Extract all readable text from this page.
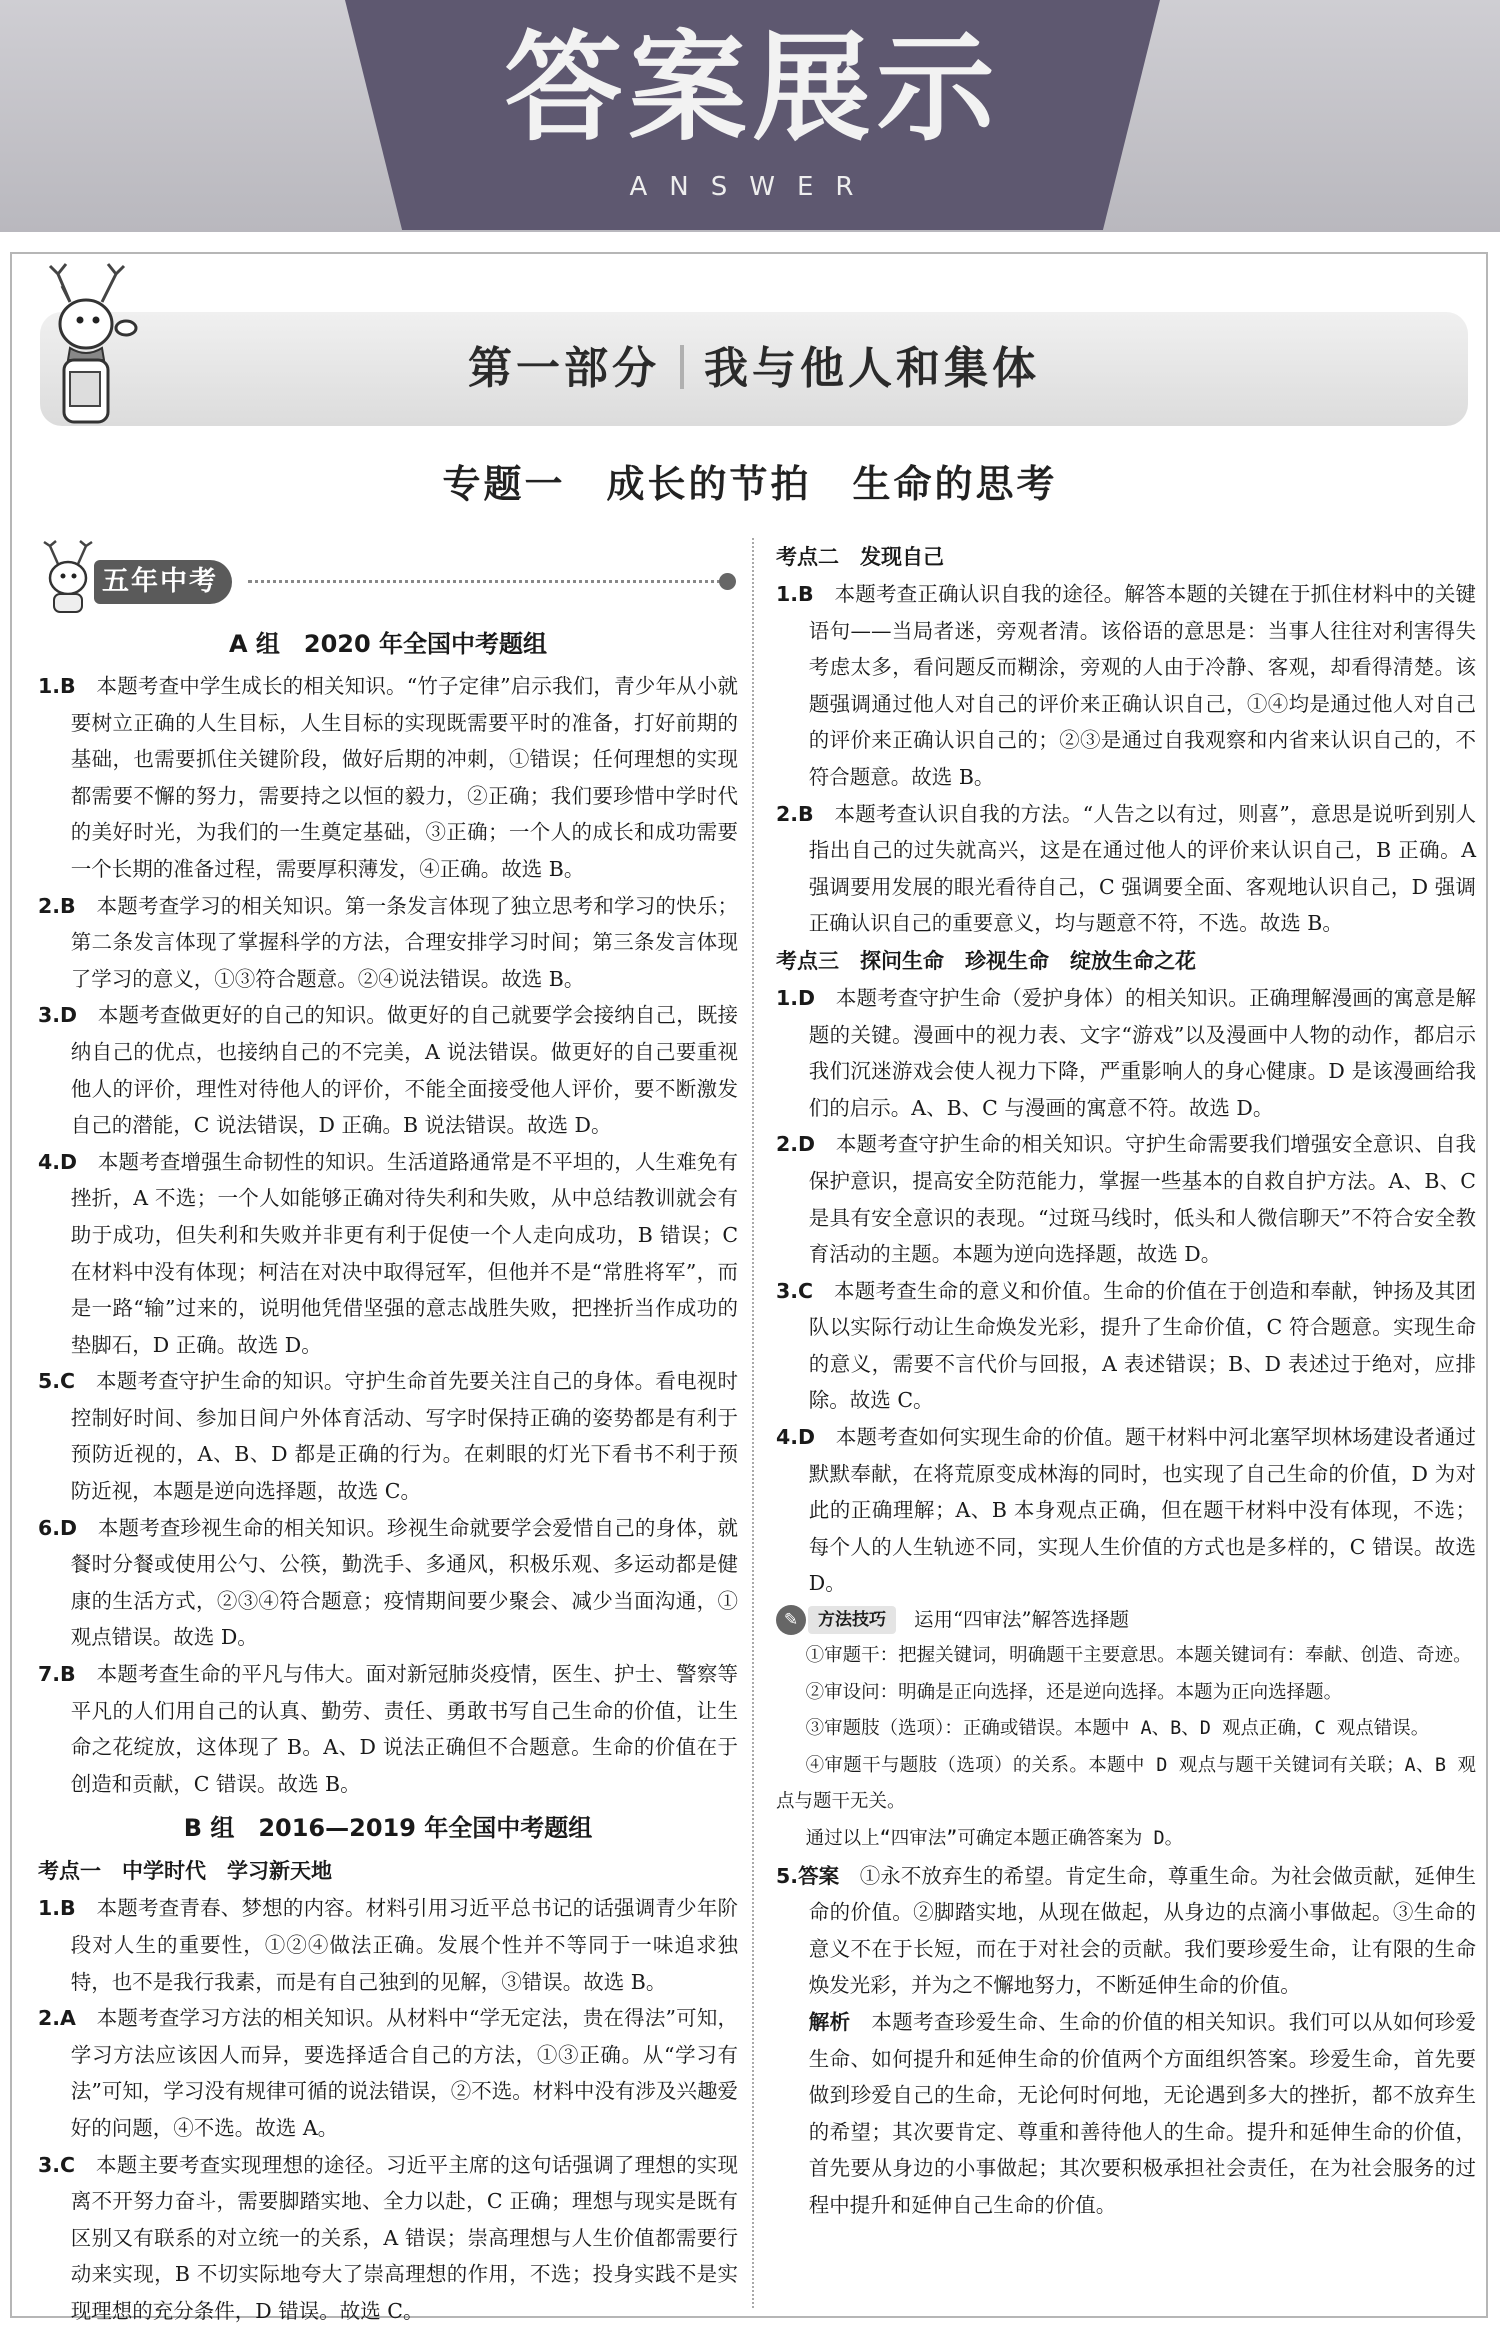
答案展示
ANSWER
第一部分 我与他人和集体
专题一　成长的节拍　生命的思考
五年中考

A 组　2020 年全国中考题组

1.B　 本题考查中学生成长的相关知识。“竹子定律”启示我们，青少年从小就要树立正确的人生目标，人生目标的实现既需要平时的准备，打好前期的基础，也需要抓住关键阶段，做好后期的冲刺，①错误；任何理想的实现都需要不懈的努力，需要持之以恒的毅力，②正确；我们要珍惜中学时代的美好时光，为我们的一生奠定基础，③正确；一个人的成长和成功需要一个长期的准备过程，需要厚积薄发，④正确。故选 B。

2.B　 本题考查学习的相关知识。第一条发言体现了独立思考和学习的快乐；第二条发言体现了掌握科学的方法，合理安排学习时间；第三条发言体现了学习的意义，①③符合题意。②④说法错误。故选 B。

3.D　 本题考查做更好的自己的知识。做更好的自己就要学会接纳自己，既接纳自己的优点，也接纳自己的不完美，A 说法错误。做更好的自己要重视他人的评价，理性对待他人的评价，不能全面接受他人评价，要不断激发自己的潜能，C 说法错误，D 正确。B 说法错误。故选 D。

4.D　 本题考查增强生命韧性的知识。生活道路通常是不平坦的，人生难免有挫折，A 不选；一个人如能够正确对待失利和失败，从中总结教训就会有助于成功，但失利和失败并非更有利于促使一个人走向成功，B 错误；C 在材料中没有体现；柯洁在对决中取得冠军，但他并不是“常胜将军”，而是一路“输”过来的，说明他凭借坚强的意志战胜失败，把挫折当作成功的垫脚石，D 正确。故选 D。

5.C　 本题考查守护生命的知识。守护生命首先要关注自己的身体。看电视时控制好时间、参加日间户外体育活动、写字时保持正确的姿势都是有利于预防近视的，A、B、D 都是正确的行为。在刺眼的灯光下看书不利于预防近视，本题是逆向选择题，故选 C。

6.D　 本题考查珍视生命的相关知识。珍视生命就要学会爱惜自己的身体，就餐时分餐或使用公勺、公筷，勤洗手、多通风，积极乐观、多运动都是健康的生活方式，②③④符合题意；疫情期间要少聚会、减少当面沟通，①观点错误。故选 D。

7.B　 本题考查生命的平凡与伟大。面对新冠肺炎疫情，医生、护士、警察等平凡的人们用自己的认真、勤劳、责任、勇敢书写自己生命的价值，让生命之花绽放，这体现了 B。A、D 说法正确但不合题意。生命的价值在于创造和贡献，C 错误。故选 B。

B 组　2016—2019 年全国中考题组

考点一　中学时代　学习新天地

1.B　 本题考查青春、梦想的内容。材料引用习近平总书记的话强调青少年阶段对人生的重要性，①②④做法正确。发展个性并不等同于一味追求独特，也不是我行我素，而是有自己独到的见解，③错误。故选 B。

2.A　 本题考查学习方法的相关知识。从材料中“学无定法，贵在得法”可知，学习方法应该因人而异，要选择适合自己的方法，①③正确。从“学习有法”可知，学习没有规律可循的说法错误，②不选。材料中没有涉及兴趣爱好的问题，④不选。故选 A。

3.C　 本题主要考查实现理想的途径。习近平主席的这句话强调了理想的实现离不开努力奋斗，需要脚踏实地、全力以赴，C 正确；理想与现实是既有区别又有联系的对立统一的关系，A 错误；崇高理想与人生价值都需要行动来实现，B 不切实际地夸大了崇高理想的作用，不选；投身实践不是实现理想的充分条件，D 错误。故选 C。

考点二　发现自己

1.B　 本题考查正确认识自我的途径。解答本题的关键在于抓住材料中的关键语句——当局者迷，旁观者清。该俗语的意思是：当事人往往对利害得失考虑太多，看问题反而糊涂，旁观的人由于冷静、客观，却看得清楚。该题强调通过他人对自己的评价来正确认识自己，①④均是通过他人对自己的评价来正确认识自己的；②③是通过自我观察和内省来认识自己的，不符合题意。故选 B。

2.B　 本题考查认识自我的方法。“人告之以有过，则喜”，意思是说听到别人指出自己的过失就高兴，这是在通过他人的评价来认识自己，B 正确。A 强调要用发展的眼光看待自己，C 强调要全面、客观地认识自己，D 强调正确认识自己的重要意义，均与题意不符，不选。故选 B。

考点三　探问生命　珍视生命　绽放生命之花

1.D　 本题考查守护生命（爱护身体）的相关知识。正确理解漫画的寓意是解题的关键。漫画中的视力表、文字“游戏”以及漫画中人物的动作，都启示我们沉迷游戏会使人视力下降，严重影响人的身心健康。D 是该漫画给我们的启示。A、B、C 与漫画的寓意不符。故选 D。

2.D　 本题考查守护生命的相关知识。守护生命需要我们增强安全意识、自我保护意识，提高安全防范能力，掌握一些基本的自救自护方法。A、B、C 是具有安全意识的表现。“过斑马线时，低头和人微信聊天”不符合安全教育活动的主题。本题为逆向选择题，故选 D。

3.C　 本题考查生命的意义和价值。生命的价值在于创造和奉献，钟扬及其团队以实际行动让生命焕发光彩，提升了生命价值，C 符合题意。实现生命的意义，需要不言代价与回报，A 表述错误；B、D 表述过于绝对，应排除。故选 C。

4.D　 本题考查如何实现生命的价值。题干材料中河北塞罕坝林场建设者通过默默奉献，在将荒原变成林海的同时，也实现了自己生命的价值，D 为对此的正确理解；A、B 本身观点正确，但在题干材料中没有体现，不选；每个人的人生轨迹不同，实现人生价值的方式也是多样的，C 错误。故选 D。

✎	方法技巧	运用“四审法”解答选择题

①审题干：把握关键词，明确题干主要意思。本题关键词有：奉献、创造、奇迹。

②审设问：明确是正向选择，还是逆向选择。本题为正向选择题。

③审题肢（选项）：正确或错误。本题中 A、B、D 观点正确，C 观点错误。

④审题干与题肢（选项）的关系。本题中 D 观点与题干关键词有关联；A、B 观点与题干无关。

通过以上“四审法”可确定本题正确答案为 D。

5.答案　 ①永不放弃生的希望。肯定生命，尊重生命。为社会做贡献，延伸生命的价值。②脚踏实地，从现在做起，从身边的点滴小事做起。③生命的意义不在于长短，而在于对社会的贡献。我们要珍爱生命，让有限的生命焕发光彩，并为之不懈地努力，不断延伸生命的价值。

解析　 本题考查珍爱生命、生命的价值的相关知识。我们可以从如何珍爱生命、如何提升和延伸生命的价值两个方面组织答案。珍爱生命，首先要做到珍爱自己的生命，无论何时何地，无论遇到多大的挫折，都不放弃生的希望；其次要肯定、尊重和善待他人的生命。提升和延伸生命的价值，首先要从身边的小事做起；其次要积极承担社会责任，在为社会服务的过程中提升和延伸自己生命的价值。
